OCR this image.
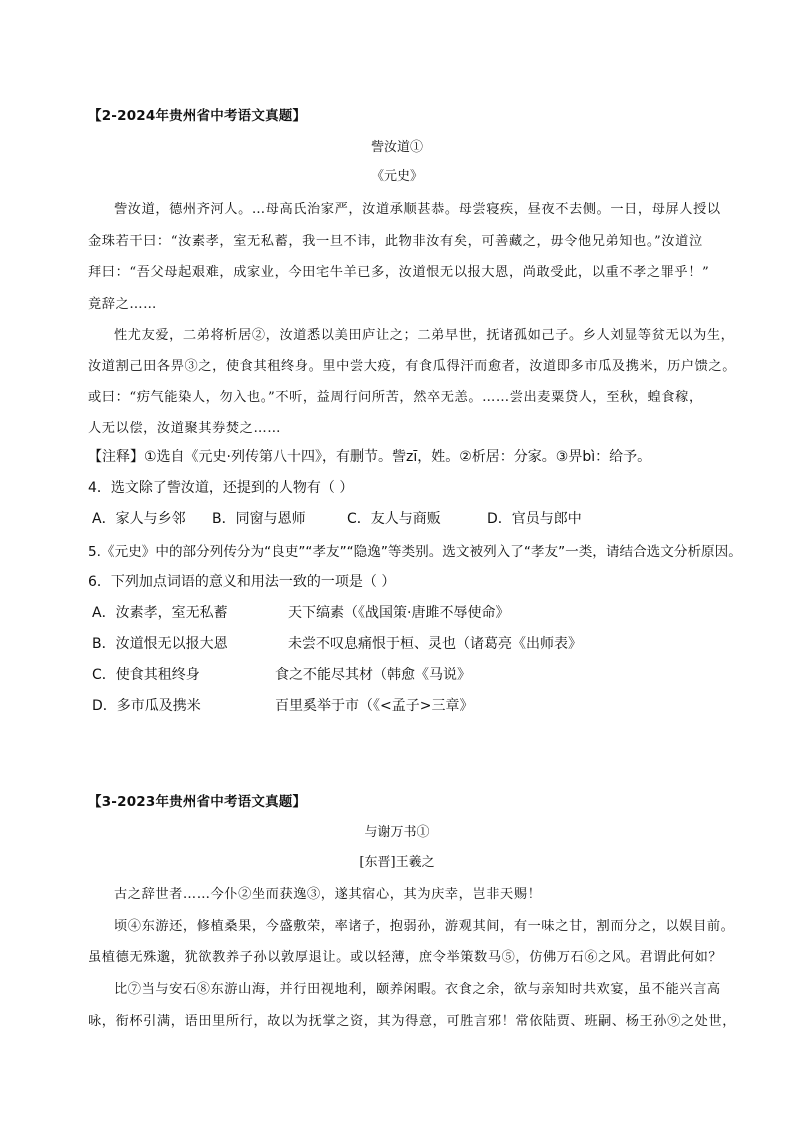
【2-2024年贵州省中考语文真题】
訾汝道①
《元史》
訾汝道，德州齐河人。…母高氏治家严，汝道承顺甚恭。母尝寝疾，昼夜不去侧。一日，母屏人授以
金珠若干曰：“汝素孝，室无私蓄，我一旦不讳，此物非汝有矣，可善藏之，毋令他兄弟知也。”汝道泣
拜曰：“吾父母起艰难，成家业，今田宅牛羊已多，汝道恨无以报大恩，尚敢受此，以重不孝之罪乎！”
竟辞之……
性尤友爱，二弟将析居②，汝道悉以美田庐让之；二弟早世，抚诸孤如己子。乡人刘显等贫无以为生，
汝道割己田各畀③之，使食其租终身。里中尝大疫，有食瓜得汗而愈者，汝道即多市瓜及携米，历户馈之。
或曰：“疠气能染人，勿入也。”不听，益周行问所苦，然卒无恙。……尝出麦粟贷人，至秋，蝗食稼，
人无以偿，汝道聚其券焚之……
【注释】①选自《元史·列传第八十四》，有删节。訾zī，姓。②析居：分家。③畀bì：给予。
4．选文除了訾汝道，还提到的人物有（ ）
A．家人与乡邻 B．同窗与恩师	C．友人与商贩	D．官员与郎中
5.《元史》中的部分列传分为“良吏”“孝友”“隐逸”等类别。选文被列入了“孝友”一类，请结合选文分析原因。
6．下列加点词语的意义和用法一致的一项是（ ）
A．汝素孝，室无私蓄	天下缟素（《战国策·唐雎不辱使命》
B．汝道恨无以报大恩	未尝不叹息痛恨于桓、灵也（诸葛亮《出师表》
C．使食其租终身	食之不能尽其材（韩愈《马说》
D．多市瓜及携米	百里奚举于市（《<孟子>三章》
【3-2023年贵州省中考语文真题】
与谢万书①
[东晋]王羲之
古之辞世者……今仆②坐而获逸③，遂其宿心，其为庆幸，岂非天赐！
顷④东游还，修植桑果，今盛敷荣，率诸子，抱弱孙，游观其间，有一味之甘，割而分之，以娱目前。
虽植德无殊邈，犹欲教养子孙以敦厚退让。或以轻薄，庶令举策数马⑤，仿佛万石⑥之风。君谓此何如？
比⑦当与安石⑧东游山海，并行田视地利，颐养闲暇。衣食之余，欲与亲知时共欢宴，虽不能兴言高
咏，衔杯引满，语田里所行，故以为抚掌之资，其为得意，可胜言邪！常依陆贾、班嗣、杨王孙⑨之处世，
